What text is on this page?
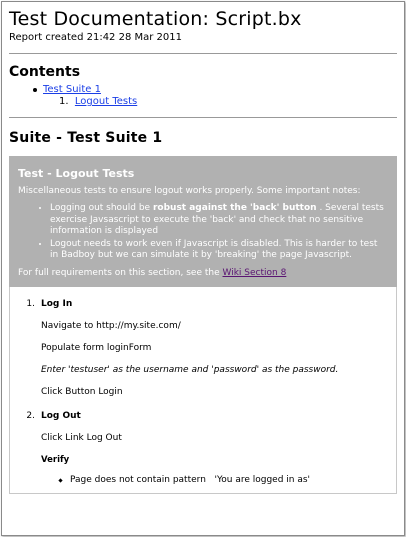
Test Documentation: Script.bx
Report created 21:42 28 Mar 2011
Contents
Test Suite 1
1. Logout Tests
Suite - Test Suite 1
Test - Logout Tests
Miscellaneous tests to ensure logout works properly. Some important notes:
• Logging out should be robust against the 'back' button . Several tests exercise Javsascript to execute the 'back' and check that no sensitive information is displayed
• Logout needs to work even if Javascript is disabled. This is harder to test in Badboy but we can simulate it by 'breaking' the page Javascript.
For full requirements on this section, see the Wiki Section 8
1. Log In
Navigate to http://my.site.com/
Populate form loginForm
Enter 'testuser' as the username and 'password' as the password.
Click Button Login
2. Log Out
Click Link Log Out
Verify
Page does not contain pattern   'You are logged in as'
